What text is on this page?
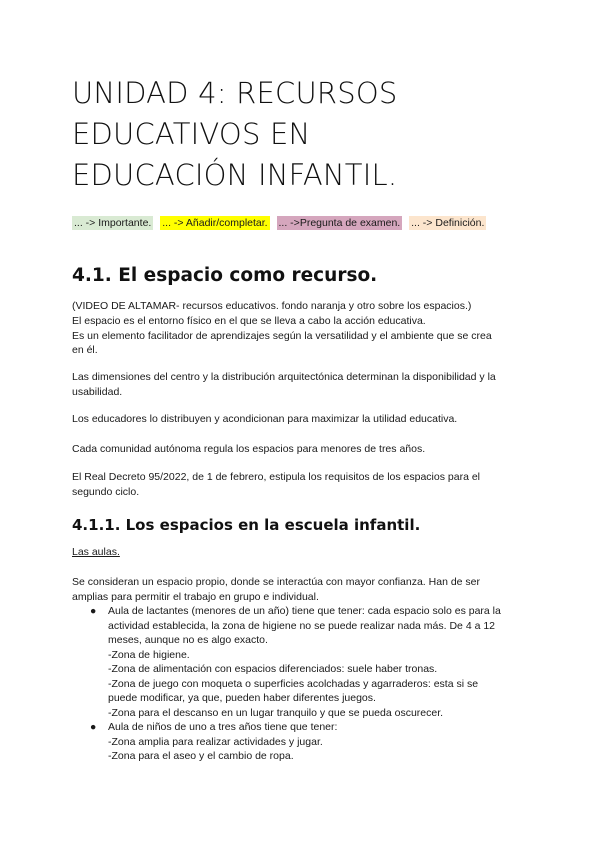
UNIDAD 4: RECURSOS
EDUCATIVOS EN
EDUCACIÓN INFANTIL.
... -> Importante. ... -> Añadir/completar. ... ->Pregunta de examen. ... -> Definición.
4.1. El espacio como recurso.

(VIDEO DE ALTAMAR- recursos educativos. fondo naranja y otro sobre los espacios.)

El espacio es el entorno físico en el que se lleva a cabo la acción educativa.

Es un elemento facilitador de aprendizajes según la versatilidad y el ambiente que se crea

en él.

Las dimensiones del centro y la distribución arquitectónica determinan la disponibilidad y la

usabilidad.

Los educadores lo distribuyen y acondicionan para maximizar la utilidad educativa.

Cada comunidad autónoma regula los espacios para menores de tres años.

El Real Decreto 95/2022, de 1 de febrero, estipula los requisitos de los espacios para el

segundo ciclo.

4.1.1. Los espacios en la escuela infantil.

Las aulas.

Se consideran un espacio propio, donde se interactúa con mayor confianza. Han de ser

amplias para permitir el trabajo en grupo e individual.

● Aula de lactantes (menores de un año) tiene que tener: cada espacio solo es para la
actividad establecida, la zona de higiene no se puede realizar nada más. De 4 a 12
meses, aunque no es algo exacto.
-Zona de higiene.
-Zona de alimentación con espacios diferenciados: suele haber tronas.
-Zona de juego con moqueta o superficies acolchadas y agarraderos: esta si se
puede modificar, ya que, pueden haber diferentes juegos.
-Zona para el descanso en un lugar tranquilo y que se pueda oscurecer.
● Aula de niños de uno a tres años tiene que tener:
-Zona amplia para realizar actividades y jugar.
-Zona para el aseo y el cambio de ropa.
